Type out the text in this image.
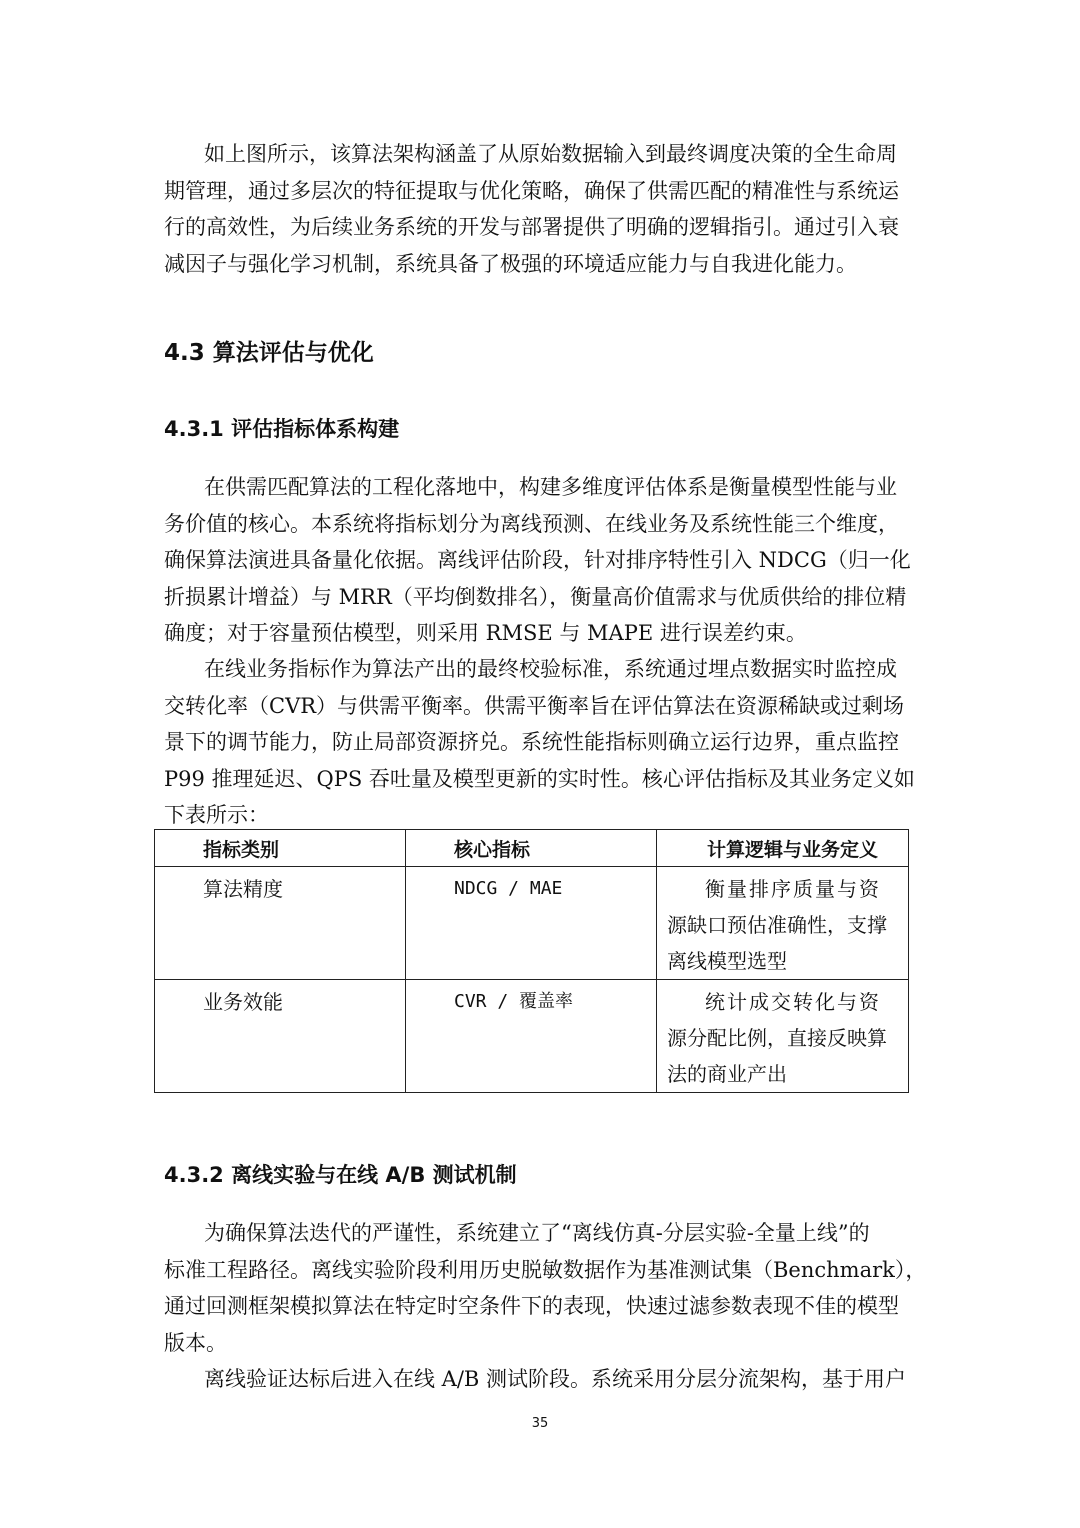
如上图所示，该算法架构涵盖了从原始数据输入到最终调度决策的全生命周
期管理，通过多层次的特征提取与优化策略，确保了供需匹配的精准性与系统运
行的高效性，为后续业务系统的开发与部署提供了明确的逻辑指引。通过引入衰
减因子与强化学习机制，系统具备了极强的环境适应能力与自我进化能力。

4.3 算法评估与优化
4.3.1 评估指标体系构建

在供需匹配算法的工程化落地中，构建多维度评估体系是衡量模型性能与业
务价值的核心。本系统将指标划分为离线预测、在线业务及系统性能三个维度，
确保算法演进具备量化依据。离线评估阶段，针对排序特性引入 NDCG（归一化
折损累计增益）与 MRR（平均倒数排名），衡量高价值需求与优质供给的排位精
确度；对于容量预估模型，则采用 RMSE 与 MAPE 进行误差约束。

在线业务指标作为算法产出的最终校验标准，系统通过埋点数据实时监控成
交转化率（CVR）与供需平衡率。供需平衡率旨在评估算法在资源稀缺或过剩场
景下的调节能力，防止局部资源挤兑。系统性能指标则确立运行边界，重点监控
P99 推理延迟、QPS 吞吐量及模型更新的实时性。核心评估指标及其业务定义如
下表所示：

指标类别	核心指标	计算逻辑与业务定义

算法精度	NDCG / MAE	衡量排序质量与资
源缺口预估准确性，支撑
离线模型选型

业务效能	CVR / 覆盖率	统计成交转化与资
源分配比例，直接反映算
法的商业产出
4.3.2 离线实验与在线 A/B 测试机制

为确保算法迭代的严谨性，系统建立了“离线仿真-分层实验-全量上线”的
标准工程路径。离线实验阶段利用历史脱敏数据作为基准测试集（Benchmark），
通过回测框架模拟算法在特定时空条件下的表现，快速过滤参数表现不佳的模型
版本。

离线验证达标后进入在线 A/B 测试阶段。系统采用分层分流架构，基于用户

35
